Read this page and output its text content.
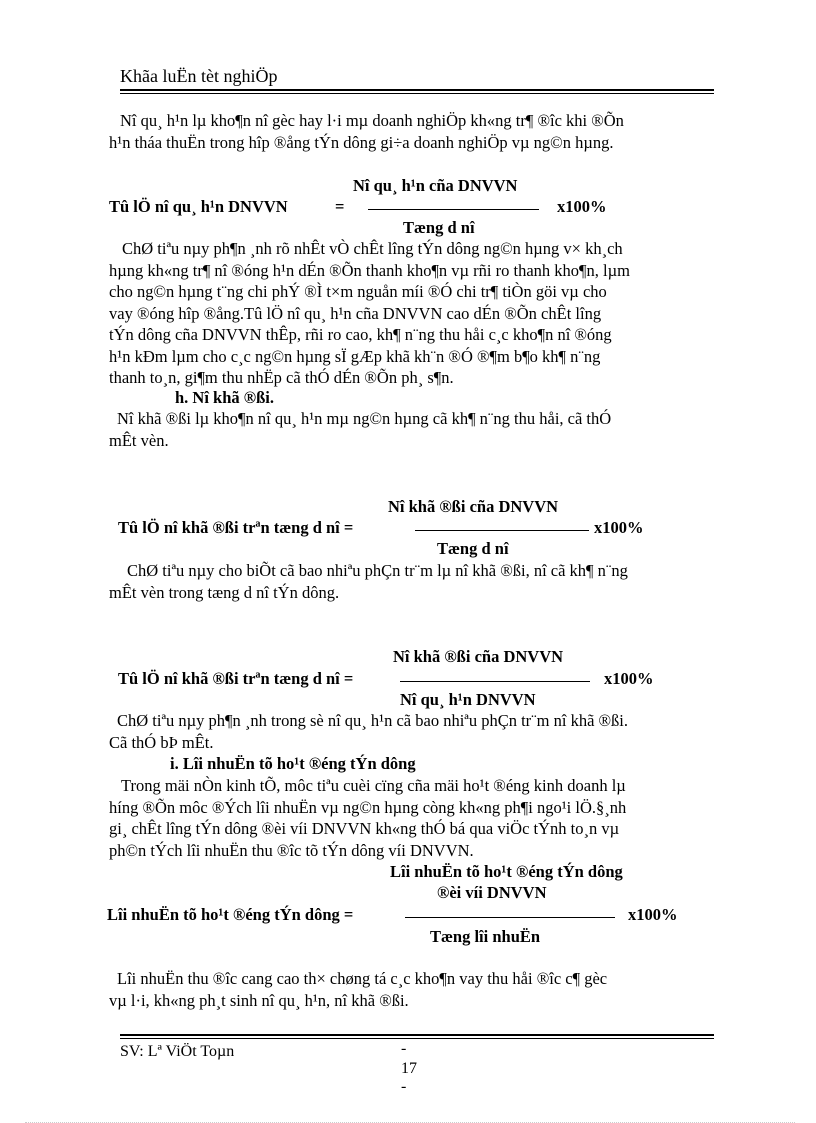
Khãa luËn tèt nghiÖp
Nî qu¸ h¹n lµ kho¶n nî gèc hay l·i mµ doanh nghiÖp kh«ng tr¶ ®îc khi ®Õn
h¹n tháa thuËn trong hîp ®ång tÝn dông gi÷a doanh nghiÖp vµ ng©n hµng.
Nî qu¸ h¹n cña DNVVN
Tû lÖ nî qu¸ h¹n DNVVN	=	x100%
Tæng d nî
ChØ tiªu nµy ph¶n ¸nh rõ nhÊt vÒ chÊt lîng tÝn dông ng©n hµng v× kh¸ch
hµng kh«ng tr¶ nî ®óng h¹n dÉn ®Õn thanh kho¶n vµ rñi ro thanh kho¶n, lµm
cho ng©n hµng t¨ng chi phÝ ®Ì t×m nguån míi ®Ó chi tr¶ tiÒn göi vµ cho
vay ®óng hîp ®ång.Tû lÖ nî qu¸ h¹n cña DNVVN cao dÉn ®Õn chÊt lîng
tÝn dông cña DNVVN thÊp, rñi ro cao, kh¶ n¨ng thu håi c¸c kho¶n nî ®óng
h¹n kÐm lµm cho c¸c ng©n hµng sÏ gÆp khã kh¨n ®Ó ®¶m b¶o kh¶ n¨ng
thanh to¸n, gi¶m thu nhËp cã thÓ dÉn ®Õn ph¸ s¶n.
h. Nî khã ®ßi.
Nî khã ®ßi lµ kho¶n nî qu¸ h¹n mµ ng©n hµng cã kh¶ n¨ng thu håi, cã thÓ
mÊt vèn.
Nî khã ®ßi cña DNVVN
Tû lÖ nî khã ®ßi trªn tæng d nî =	x100%
Tæng d nî
ChØ tiªu nµy cho biÕt cã bao nhiªu phÇn tr¨m lµ nî khã ®ßi, nî cã kh¶ n¨ng
mÊt vèn trong tæng d nî tÝn dông.
Nî khã ®ßi cña DNVVN
Tû lÖ nî khã ®ßi trªn tæng d nî =	x100%
Nî qu¸ h¹n DNVVN
ChØ tiªu nµy ph¶n ¸nh trong sè nî qu¸ h¹n cã bao nhiªu phÇn tr¨m nî khã ®ßi.
Cã thÓ bÞ mÊt.
i. Lîi nhuËn tõ ho¹t ®éng tÝn dông
Trong mäi nÒn kinh tÕ, môc tiªu cuèi cïng cña mäi ho¹t ®éng kinh doanh lµ
híng ®Õn môc ®Ých lîi nhuËn vµ ng©n hµng còng kh«ng ph¶i ngo¹i lÖ.§¸nh
gi¸ chÊt lîng tÝn dông ®èi víi DNVVN kh«ng thÓ bá qua viÖc tÝnh to¸n vµ
ph©n tÝch lîi nhuËn thu ®îc tõ tÝn dông víi DNVVN.
Lîi nhuËn tõ ho¹t ®éng tÝn dông
®èi víi DNVVN
Lîi nhuËn tõ ho¹t ®éng tÝn dông =	x100%
Tæng lîi nhuËn
Lîi nhuËn thu ®îc cang cao th× chøng tá c¸c kho¶n vay thu håi ®îc c¶ gèc
vµ l·i, kh«ng ph¸t sinh nî qu¸ h¹n, nî khã ®ßi.
SV: Lª ViÖt Toµn	-
17
-
